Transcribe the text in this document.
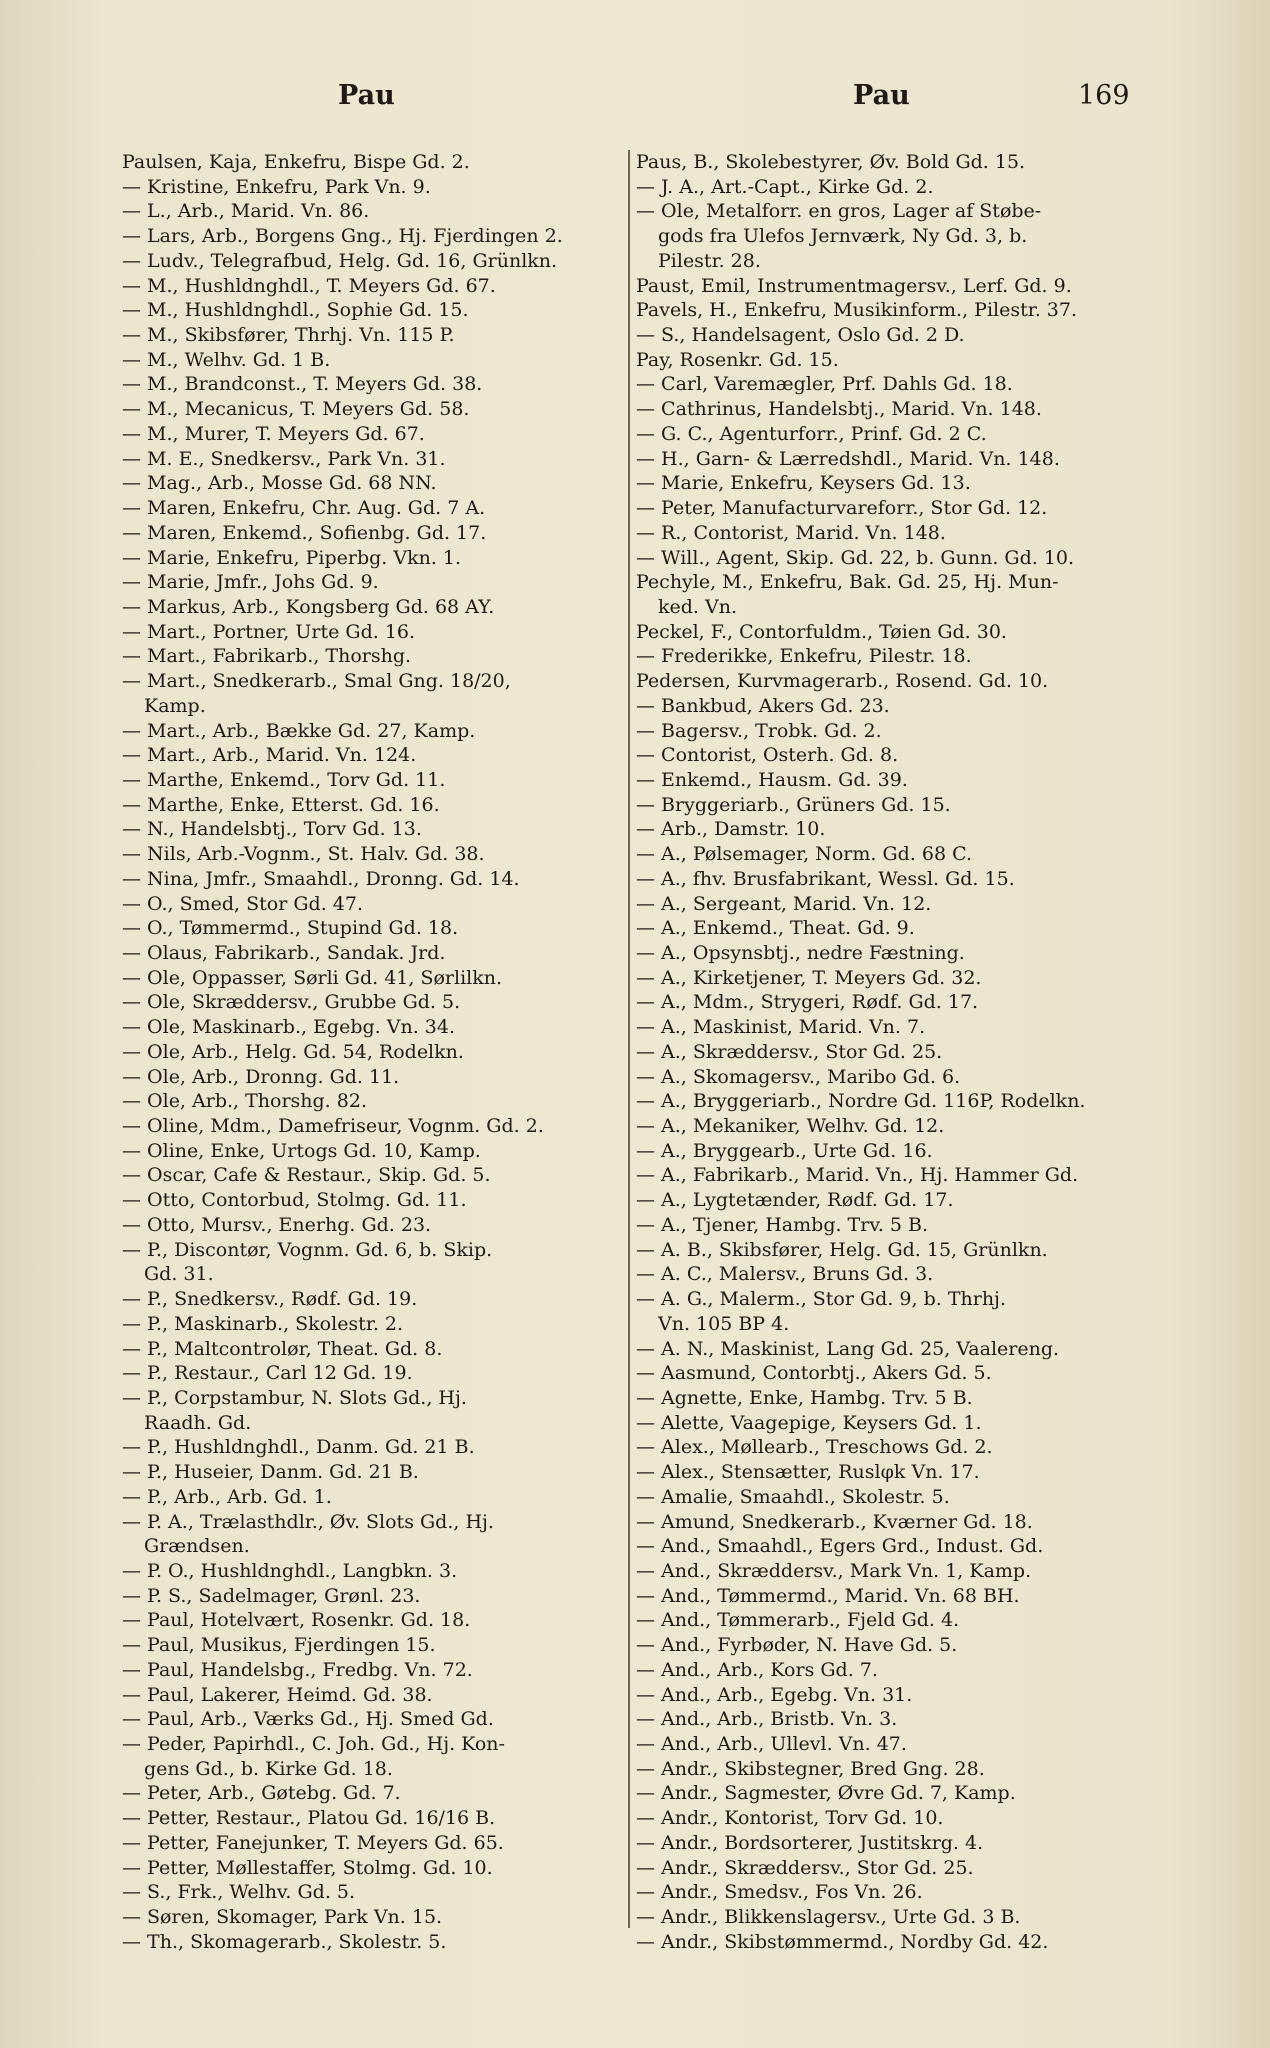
Pau	Pau	169
Paulsen, Kaja, Enkefru, Bispe Gd. 2.
— Kristine, Enkefru, Park Vn. 9.
— L., Arb., Marid. Vn. 86.
— Lars, Arb., Borgens Gng., Hj. Fjerdingen 2.
— Ludv., Telegrafbud, Helg. Gd. 16, Grünlkn.
— M., Hushldnghdl., T. Meyers Gd. 67.
— M., Hushldnghdl., Sophie Gd. 15.
— M., Skibsfører, Thrhj. Vn. 115 P.
— M., Welhv. Gd. 1 B.
— M., Brandconst., T. Meyers Gd. 38.
— M., Mecanicus, T. Meyers Gd. 58.
— M., Murer, T. Meyers Gd. 67.
— M. E., Snedkersv., Park Vn. 31.
— Mag., Arb., Mosse Gd. 68 NN.
— Maren, Enkefru, Chr. Aug. Gd. 7 A.
— Maren, Enkemd., Sofienbg. Gd. 17.
— Marie, Enkefru, Piperbg. Vkn. 1.
— Marie, Jmfr., Johs Gd. 9.
— Markus, Arb., Kongsberg Gd. 68 AY.
— Mart., Portner, Urte Gd. 16.
— Mart., Fabrikarb., Thorshg.
— Mart., Snedkerarb., Smal Gng. 18/20,
Kamp.
— Mart., Arb., Bække Gd. 27, Kamp.
— Mart., Arb., Marid. Vn. 124.
— Marthe, Enkemd., Torv Gd. 11.
— Marthe, Enke, Etterst. Gd. 16.
— N., Handelsbtj., Torv Gd. 13.
— Nils, Arb.-Vognm., St. Halv. Gd. 38.
— Nina, Jmfr., Smaahdl., Dronng. Gd. 14.
— O., Smed, Stor Gd. 47.
— O., Tømmermd., Stupind Gd. 18.
— Olaus, Fabrikarb., Sandak. Jrd.
— Ole, Oppasser, Sørli Gd. 41, Sørlilkn.
— Ole, Skræddersv., Grubbe Gd. 5.
— Ole, Maskinarb., Egebg. Vn. 34.
— Ole, Arb., Helg. Gd. 54, Rodelkn.
— Ole, Arb., Dronng. Gd. 11.
— Ole, Arb., Thorshg. 82.
— Oline, Mdm., Damefriseur, Vognm. Gd. 2.
— Oline, Enke, Urtogs Gd. 10, Kamp.
— Oscar, Cafe & Restaur., Skip. Gd. 5.
— Otto, Contorbud, Stolmg. Gd. 11.
— Otto, Mursv., Enerhg. Gd. 23.
— P., Discontør, Vognm. Gd. 6, b. Skip.
Gd. 31.
— P., Snedkersv., Rødf. Gd. 19.
— P., Maskinarb., Skolestr. 2.
— P., Maltcontrolør, Theat. Gd. 8.
— P., Restaur., Carl 12 Gd. 19.
— P., Corpstambur, N. Slots Gd., Hj.
Raadh. Gd.
— P., Hushldnghdl., Danm. Gd. 21 B.
— P., Huseier, Danm. Gd. 21 B.
— P., Arb., Arb. Gd. 1.
— P. A., Trælasthdlr., Øv. Slots Gd., Hj.
Grændsen.
— P. O., Hushldnghdl., Langbkn. 3.
— P. S., Sadelmager, Grønl. 23.
— Paul, Hotelvært, Rosenkr. Gd. 18.
— Paul, Musikus, Fjerdingen 15.
— Paul, Handelsbg., Fredbg. Vn. 72.
— Paul, Lakerer, Heimd. Gd. 38.
— Paul, Arb., Værks Gd., Hj. Smed Gd.
— Peder, Papirhdl., C. Joh. Gd., Hj. Kon-
gens Gd., b. Kirke Gd. 18.
— Peter, Arb., Gøtebg. Gd. 7.
— Petter, Restaur., Platou Gd. 16/16 B.
— Petter, Fanejunker, T. Meyers Gd. 65.
— Petter, Møllestaffer, Stolmg. Gd. 10.
— S., Frk., Welhv. Gd. 5.
— Søren, Skomager, Park Vn. 15.
— Th., Skomagerarb., Skolestr. 5.
Paus, B., Skolebestyrer, Øv. Bold Gd. 15.
— J. A., Art.-Capt., Kirke Gd. 2.
— Ole, Metalforr. en gros, Lager af Støbe-
gods fra Ulefos Jernværk, Ny Gd. 3, b.
Pilestr. 28.
Paust, Emil, Instrumentmagersv., Lerf. Gd. 9.
Pavels, H., Enkefru, Musikinform., Pilestr. 37.
— S., Handelsagent, Oslo Gd. 2 D.
Pay, Rosenkr. Gd. 15.
— Carl, Varemægler, Prf. Dahls Gd. 18.
— Cathrinus, Handelsbtj., Marid. Vn. 148.
— G. C., Agenturforr., Prinf. Gd. 2 C.
— H., Garn- & Lærredshdl., Marid. Vn. 148.
— Marie, Enkefru, Keysers Gd. 13.
— Peter, Manufacturvareforr., Stor Gd. 12.
— R., Contorist, Marid. Vn. 148.
— Will., Agent, Skip. Gd. 22, b. Gunn. Gd. 10.
Pechyle, M., Enkefru, Bak. Gd. 25, Hj. Mun-
ked. Vn.
Peckel, F., Contorfuldm., Tøien Gd. 30.
— Frederikke, Enkefru, Pilestr. 18.
Pedersen, Kurvmagerarb., Rosend. Gd. 10.
— Bankbud, Akers Gd. 23.
— Bagersv., Trobk. Gd. 2.
— Contorist, Osterh. Gd. 8.
— Enkemd., Hausm. Gd. 39.
— Bryggeriarb., Grüners Gd. 15.
— Arb., Damstr. 10.
— A., Pølsemager, Norm. Gd. 68 C.
— A., fhv. Brusfabrikant, Wessl. Gd. 15.
— A., Sergeant, Marid. Vn. 12.
— A., Enkemd., Theat. Gd. 9.
— A., Opsynsbtj., nedre Fæstning.
— A., Kirketjener, T. Meyers Gd. 32.
— A., Mdm., Strygeri, Rødf. Gd. 17.
— A., Maskinist, Marid. Vn. 7.
— A., Skræddersv., Stor Gd. 25.
— A., Skomagersv., Maribo Gd. 6.
— A., Bryggeriarb., Nordre Gd. 116P, Rodelkn.
— A., Mekaniker, Welhv. Gd. 12.
— A., Bryggearb., Urte Gd. 16.
— A., Fabrikarb., Marid. Vn., Hj. Hammer Gd.
— A., Lygtetænder, Rødf. Gd. 17.
— A., Tjener, Hambg. Trv. 5 B.
— A. B., Skibsfører, Helg. Gd. 15, Grünlkn.
— A. C., Malersv., Bruns Gd. 3.
— A. G., Malerm., Stor Gd. 9, b. Thrhj.
Vn. 105 BP 4.
— A. N., Maskinist, Lang Gd. 25, Vaalereng.
— Aasmund, Contorbtj., Akers Gd. 5.
— Agnette, Enke, Hambg. Trv. 5 B.
— Alette, Vaagepige, Keysers Gd. 1.
— Alex., Møllearb., Treschows Gd. 2.
— Alex., Stensætter, Ruslφk Vn. 17.
— Amalie, Smaahdl., Skolestr. 5.
— Amund, Snedkerarb., Kværner Gd. 18.
— And., Smaahdl., Egers Grd., Indust. Gd.
— And., Skræddersv., Mark Vn. 1, Kamp.
— And., Tømmermd., Marid. Vn. 68 BH.
— And., Tømmerarb., Fjeld Gd. 4.
— And., Fyrbøder, N. Have Gd. 5.
— And., Arb., Kors Gd. 7.
— And., Arb., Egebg. Vn. 31.
— And., Arb., Bristb. Vn. 3.
— And., Arb., Ullevl. Vn. 47.
— Andr., Skibstegner, Bred Gng. 28.
— Andr., Sagmester, Øvre Gd. 7, Kamp.
— Andr., Kontorist, Torv Gd. 10.
— Andr., Bordsorterer, Justitskrg. 4.
— Andr., Skræddersv., Stor Gd. 25.
— Andr., Smedsv., Fos Vn. 26.
— Andr., Blikkenslagersv., Urte Gd. 3 B.
— Andr., Skibstømmermd., Nordby Gd. 42.
